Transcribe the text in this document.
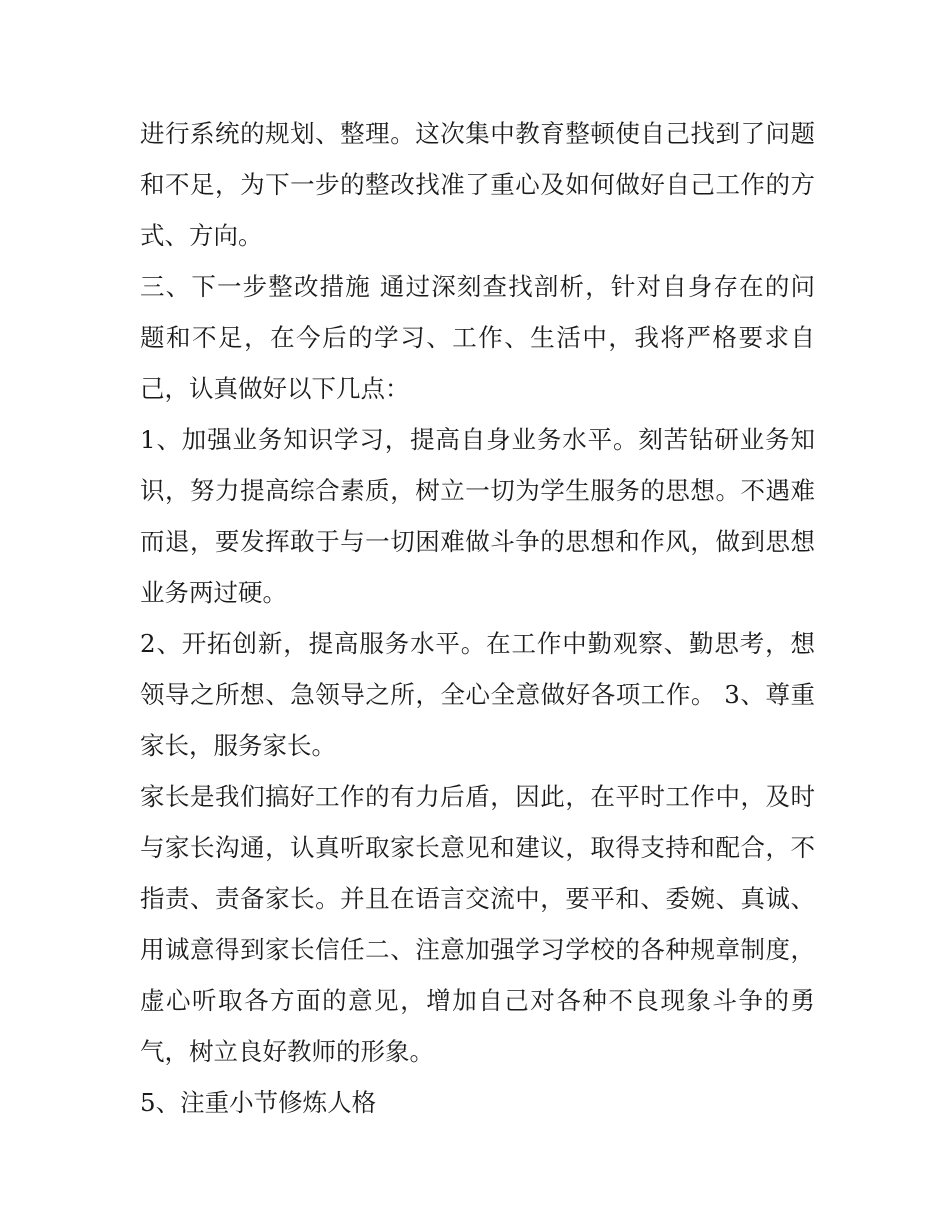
进行系统的规划、整理。这次集中教育整顿使自己找到了问题
和不足，为下一步的整改找准了重心及如何做好自己工作的方
式、方向。
三、下一步整改措施 通过深刻查找剖析，针对自身存在的问
题和不足，在今后的学习、工作、生活中，我将严格要求自
己，认真做好以下几点：
1、加强业务知识学习，提高自身业务水平。刻苦钻研业务知
识，努力提高综合素质，树立一切为学生服务的思想。不遇难
而退，要发挥敢于与一切困难做斗争的思想和作风，做到思想
业务两过硬。
2、开拓创新，提高服务水平。在工作中勤观察、勤思考，想
领导之所想、急领导之所，全心全意做好各项工作。 3、尊重
家长，服务家长。
家长是我们搞好工作的有力后盾，因此，在平时工作中，及时
与家长沟通，认真听取家长意见和建议，取得支持和配合，不
指责、责备家长。并且在语言交流中，要平和、委婉、真诚、
用诚意得到家长信任二、注意加强学习学校的各种规章制度，
虚心听取各方面的意见，增加自己对各种不良现象斗争的勇
气，树立良好教师的形象。
5、注重小节修炼人格
